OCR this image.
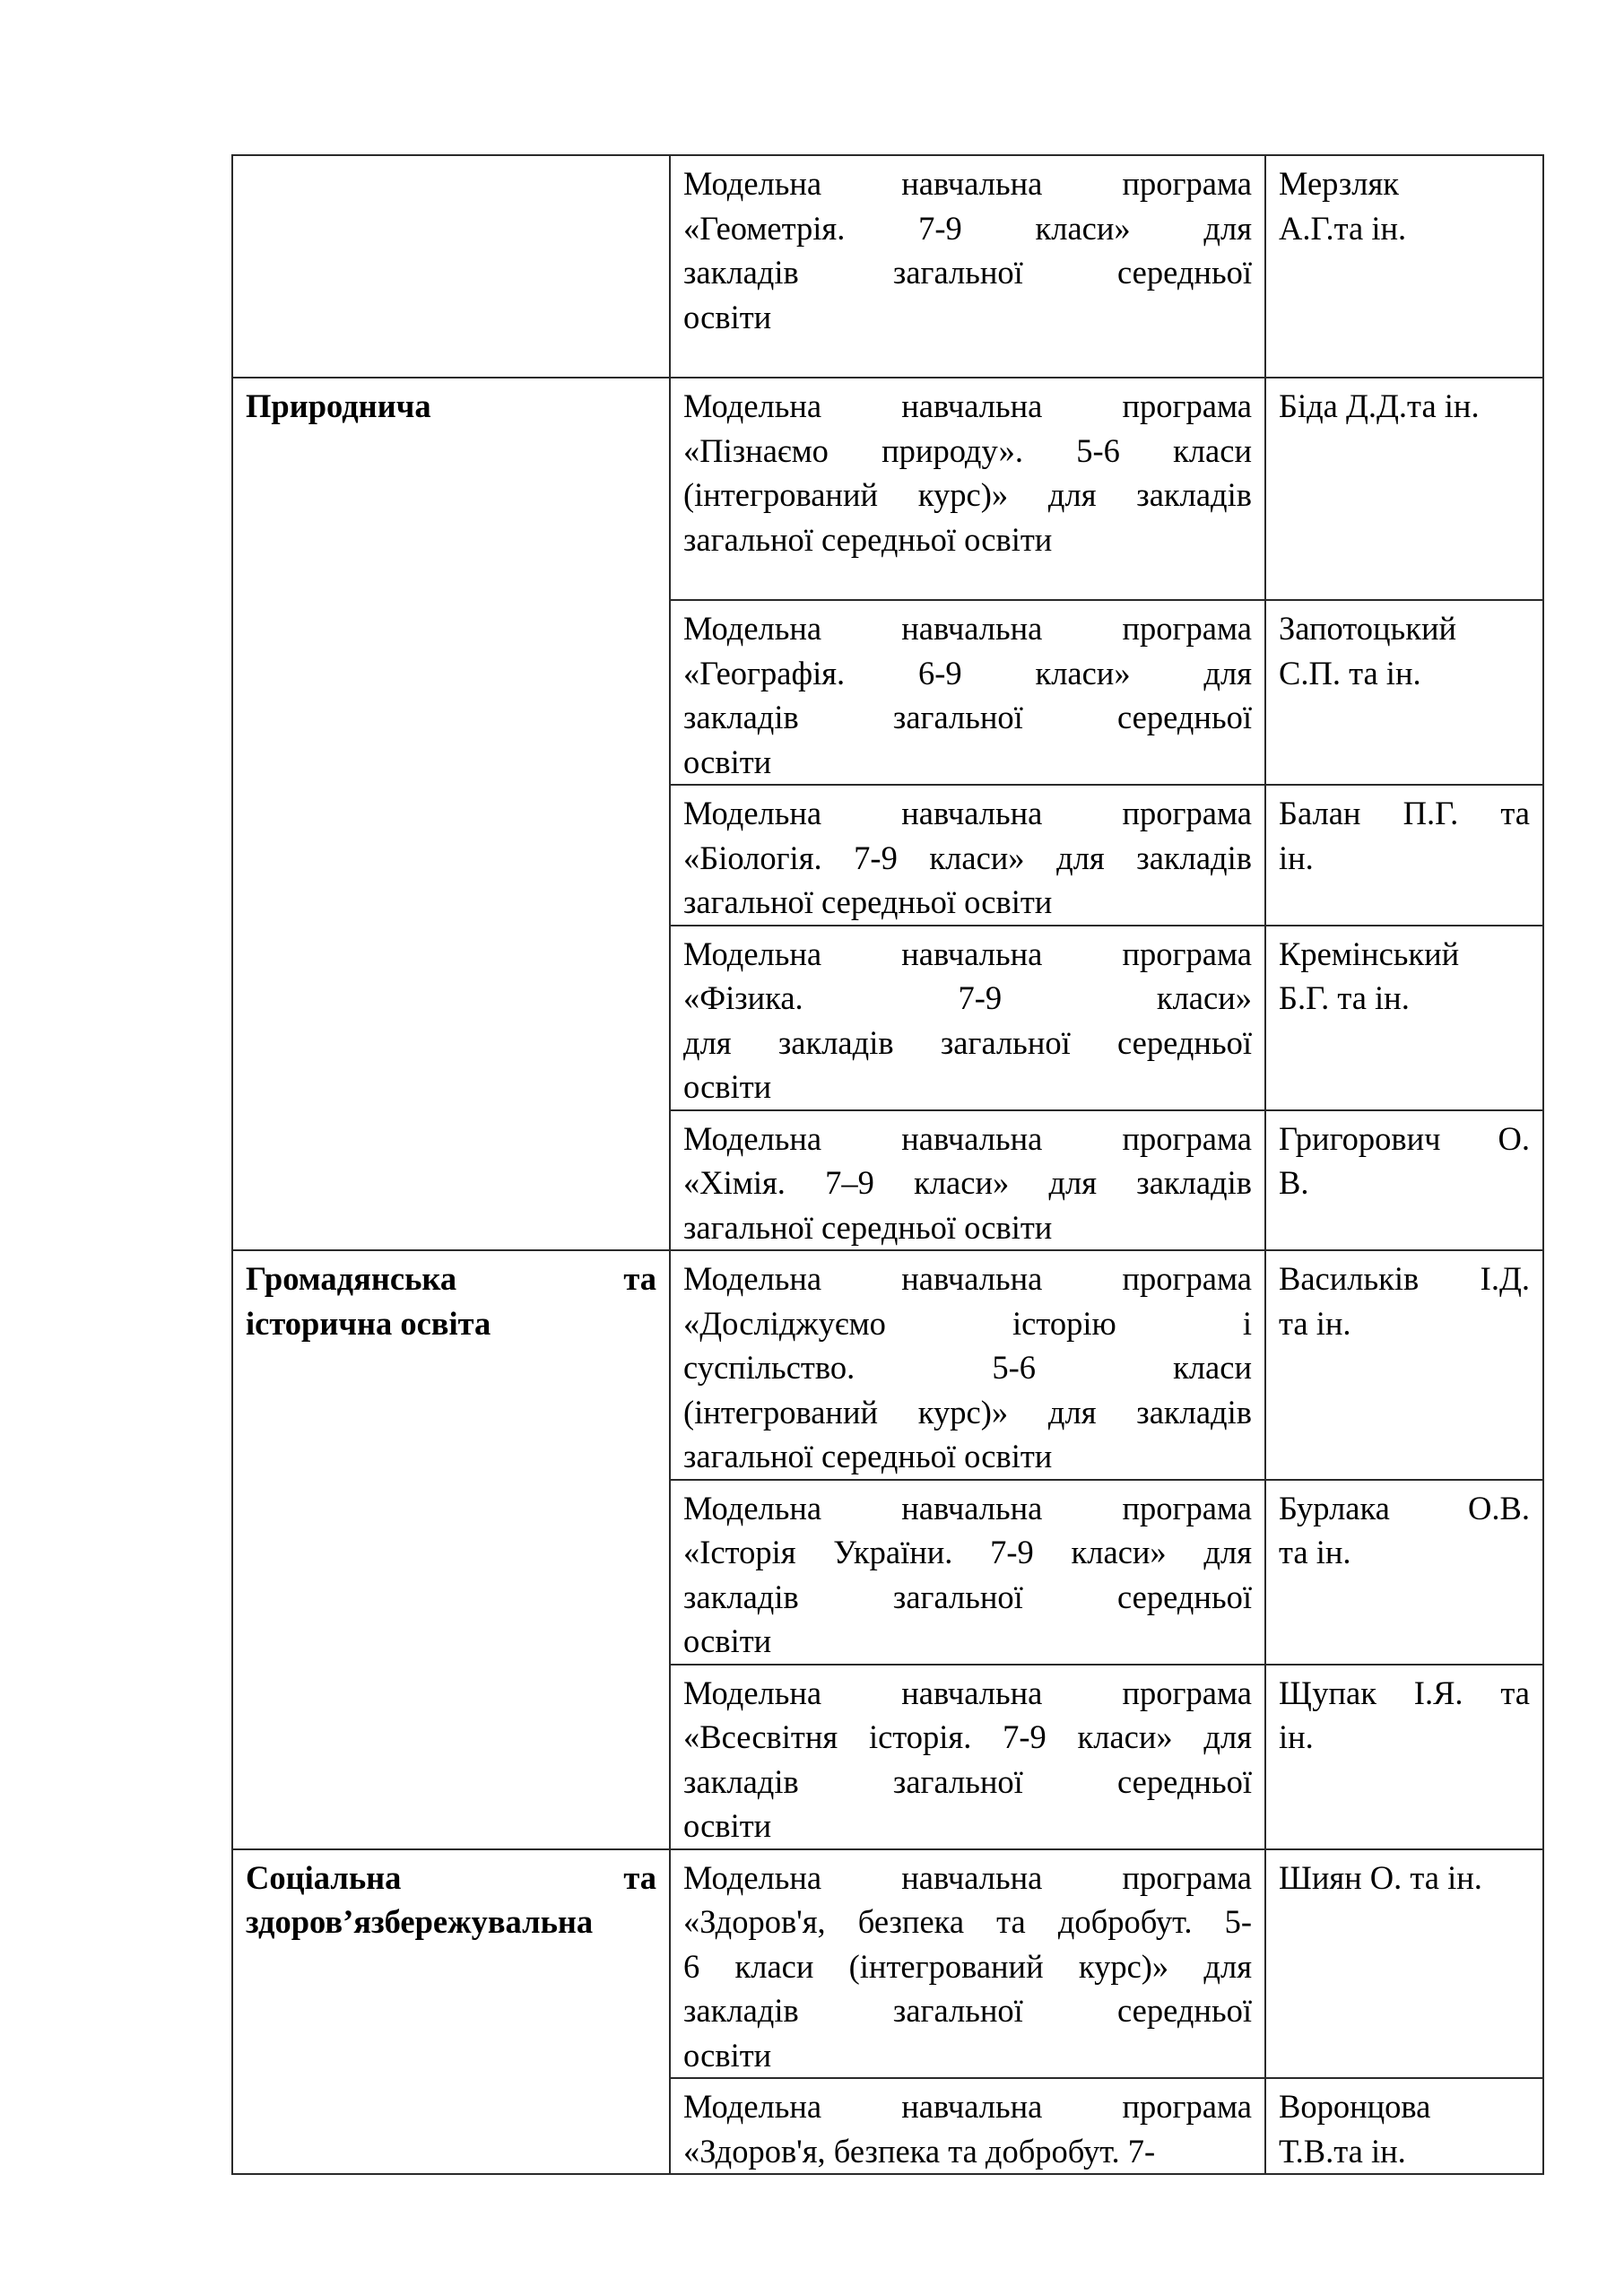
	Модельна навчальна програма
«Геометрія. 7-9 класи» для
закладів загальної середньої
освіти	Мерзляк
А.Г.та ін.

Природнича	Модельна навчальна програма
«Пізнаємо природу». 5-6 класи
(інтегрований курс)» для закладів
загальної середньої освіти	Біда Д.Д.та ін.

	Модельна навчальна програма
«Географія. 6-9 класи» для
закладів загальної середньої
освіти	Запотоцький
С.П. та ін.

	Модельна навчальна програма
«Біологія. 7-9 класи» для закладів
загальної середньої освіти	Балан П.Г. та
ін.

	Модельна навчальна програма
«Фізика. 7-9 класи»
для закладів загальної середньої
освіти	Кремінський
Б.Г. та ін.

	Модельна навчальна програма
«Хімія. 7–9 класи» для закладів
загальної середньої освіти	Григорович О.
В.

Громадянська та
історична освіта	Модельна навчальна програма
«Досліджуємо історію і
суспільство. 5-6 класи
(інтегрований курс)» для закладів
загальної середньої освіти	Васильків І.Д.
та ін.

	Модельна навчальна програма
«Історія України. 7-9 класи» для
закладів загальної середньої
освіти	Бурлака О.В.
та ін.

	Модельна навчальна програма
«Всесвітня історія. 7-9 класи» для
закладів загальної середньої
освіти	Щупак І.Я. та
ін.

Соціальна та
здоров’язбережувальна	Модельна навчальна програма
«Здоров'я, безпека та добробут. 5-
6 класи (інтегрований курс)» для
закладів загальної середньої
освіти	Шиян О. та ін.

	Модельна навчальна програма
«Здоров'я, безпека та добробут. 7-	Воронцова
Т.В.та ін.
